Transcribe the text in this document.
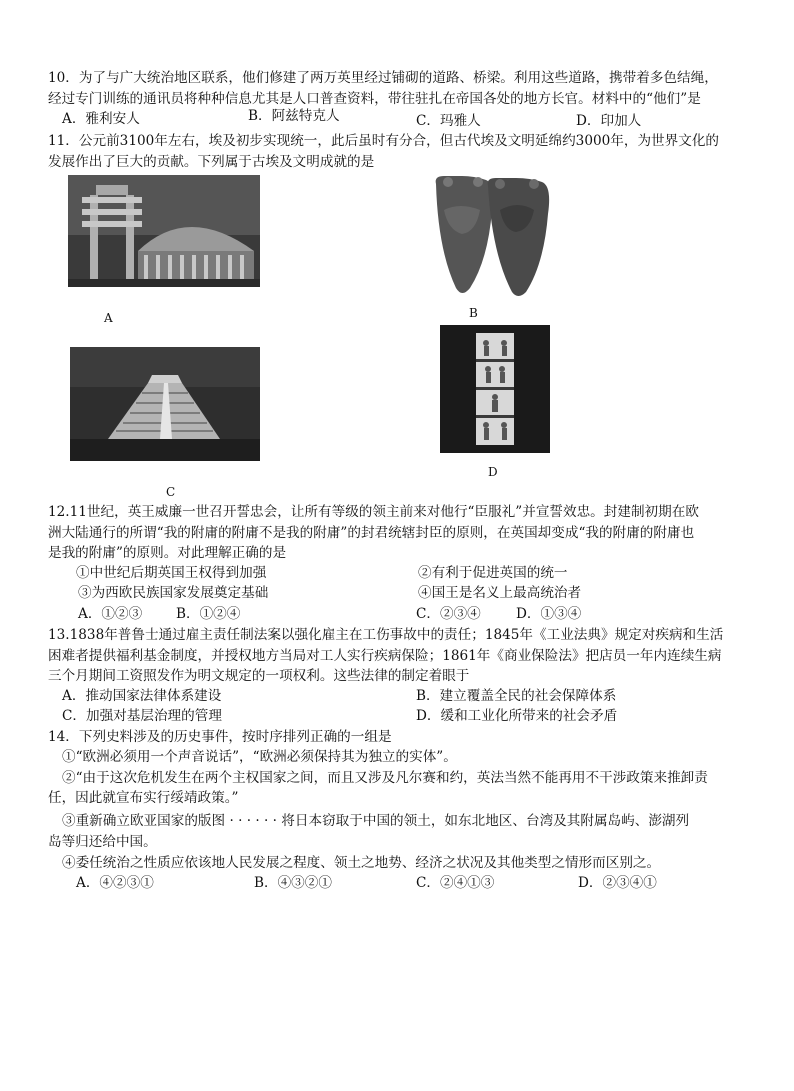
10．为了与广大统治地区联系，他们修建了两万英里经过铺砌的道路、桥梁。利用这些道路，携带着多色结绳，
经过专门训练的通讯员将种种信息尤其是人口普查资料，带往驻扎在帝国各处的地方长官。材料中的“他们”是
A．雅利安人	B．阿兹特克人	C．玛雅人	D．印加人
11．公元前3100年左右，埃及初步实现统一，此后虽时有分合，但古代埃及文明延绵约3000年，为世界文化的
发展作出了巨大的贡献。下列属于古埃及文明成就的是
A	B
C
D
12.11世纪，英王威廉一世召开誓忠会，让所有等级的领主前来对他行“臣服礼”并宣誓效忠。封建制初期在欧
洲大陆通行的所谓“我的附庸的附庸不是我的附庸”的封君统辖封臣的原则，在英国却变成“我的附庸的附庸也
是我的附庸”的原则。对此理解正确的是
①中世纪后期英国王权得到加强	②有利于促进英国的统一
③为西欧民族国家发展奠定基础	④国王是名义上最高统治者
A．①②③ B．①②④	C．②③④	D．①③④
13.1838年普鲁士通过雇主责任制法案以强化雇主在工伤事故中的责任；1845年《工业法典》规定对疾病和生活
困难者提供福利基金制度，并授权地方当局对工人实行疾病保险；1861年《商业保险法》把店员一年内连续生病
三个月期间工资照发作为明文规定的一项权利。这些法律的制定着眼于
A．推动国家法律体系建设	B．建立覆盖全民的社会保障体系
C．加强对基层治理的管理	D．缓和工业化所带来的社会矛盾
14．下列史料涉及的历史事件，按时序排列正确的一组是
①“欧洲必须用一个声音说话”，“欧洲必须保持其为独立的实体”。
②“由于这次危机发生在两个主权国家之间，而且又涉及凡尔赛和约，英法当然不能再用不干涉政策来推卸责
任，因此就宣布实行绥靖政策。”
③重新确立欧亚国家的版图 · · · · · · 将日本窃取于中国的领土，如东北地区、台湾及其附属岛屿、澎湖列
岛等归还给中国。
④委任统治之性质应依该地人民发展之程度、领土之地势、经济之状况及其他类型之情形而区别之。
A．④②③①	B．④③②①	C．②④①③	D．②③④①
